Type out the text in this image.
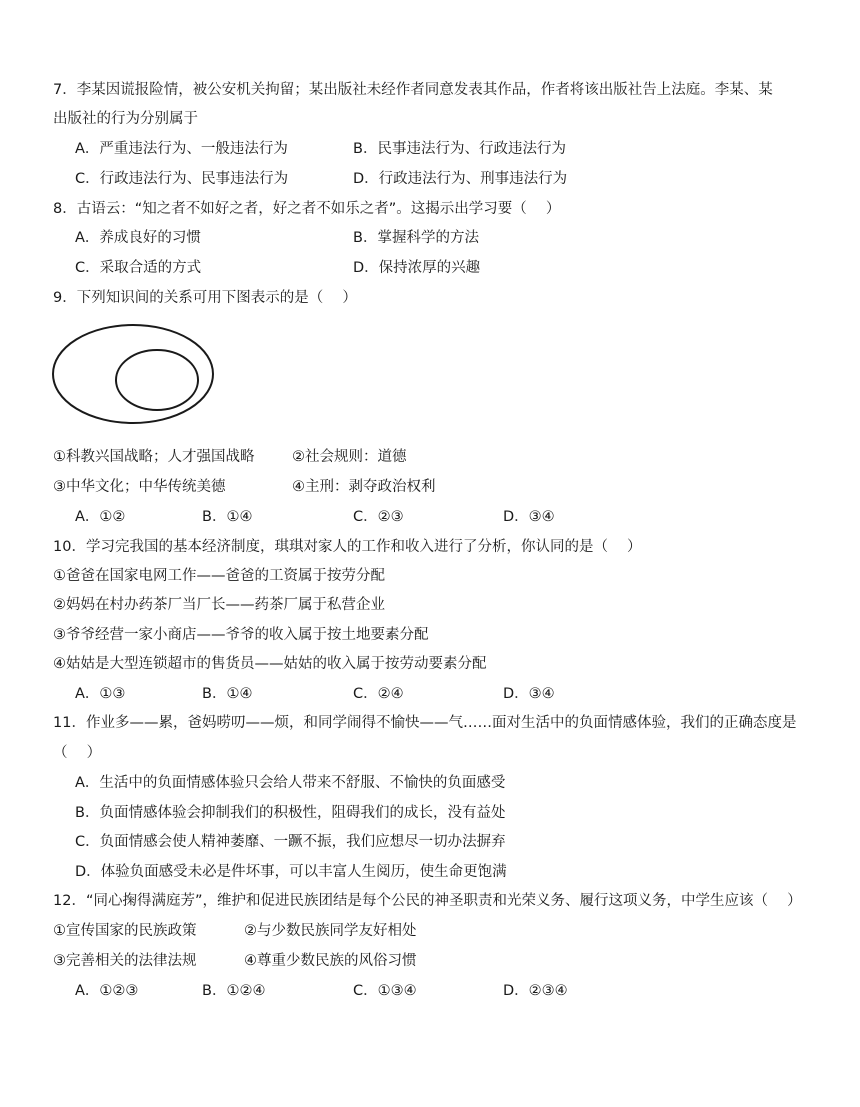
7．李某因谎报险情，被公安机关拘留；某出版社未经作者同意发表其作品，作者将该出版社告上法庭。李某、某
出版社的行为分别属于
A．严重违法行为、一般违法行为	B．民事违法行为、行政违法行为
C．行政违法行为、民事违法行为	D．行政违法行为、刑事违法行为
8．古语云：“知之者不如好之者，好之者不如乐之者”。这揭示出学习要（　 ）
A．养成良好的习惯	B．掌握科学的方法
C．采取合适的方式	D．保持浓厚的兴趣
9．下列知识间的关系可用下图表示的是（　 ）
①科教兴国战略；人才强国战略	②社会规则：道德
③中华文化；中华传统美德	④主刑：剥夺政治权利
A．①②	B．①④	C．②③	D．③④
10．学习完我国的基本经济制度，琪琪对家人的工作和收入进行了分析，你认同的是（　 ）
①爸爸在国家电网工作——爸爸的工资属于按劳分配
②妈妈在村办药茶厂当厂长——药茶厂属于私营企业
③爷爷经营一家小商店——爷爷的收入属于按土地要素分配
④姑姑是大型连锁超市的售货员——姑姑的收入属于按劳动要素分配
A．①③	B．①④	C．②④	D．③④
11．作业多——累，爸妈唠叨——烦，和同学闹得不愉快——气……面对生活中的负面情感体验，我们的正确态度是
（　 ）
A．生活中的负面情感体验只会给人带来不舒服、不愉快的负面感受
B．负面情感体验会抑制我们的积极性，阻碍我们的成长，没有益处
C．负面情感会使人精神萎靡、一蹶不振，我们应想尽一切办法摒弃
D．体验负面感受未必是件坏事，可以丰富人生阅历，使生命更饱满
12．“同心掬得满庭芳”，维护和促进民族团结是每个公民的神圣职责和光荣义务、履行这项义务，中学生应该（　 ）
①宣传国家的民族政策	②与少数民族同学友好相处
③完善相关的法律法规	④尊重少数民族的风俗习惯
A．①②③	B．①②④	C．①③④	D．②③④
